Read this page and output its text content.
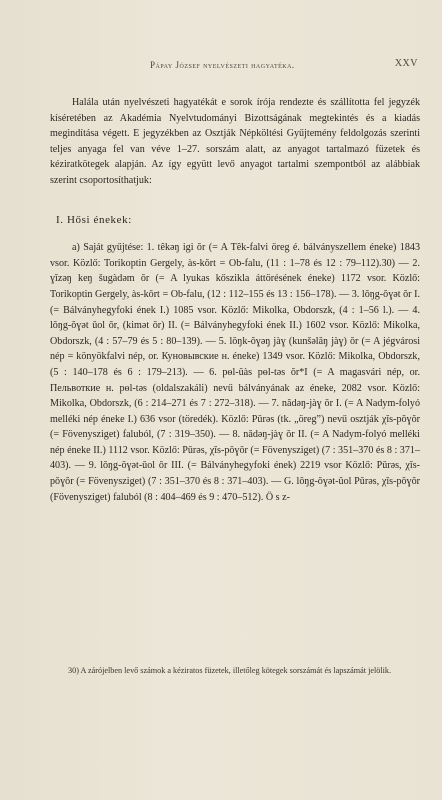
Pápay József nyelvészeti hagyatéka.	XXV

Halála után nyelvészeti hagyatékát e sorok írója rendezte és szállította fel jegyzék kíséretében az Akadémia Nyelvtudományi Bizottságának megtekintés és a kiadás megindítása végett. E jegyzékben az Osztják Népköltési Gyűjtemény feldolgozás szerinti teljes anyaga fel van véve 1–27. sorszám alatt, az anyagot tartalmazó füzetek és kéziratkötegek alapján. Az így együtt levő anyagot tartalmi szempontból az alábbiak szerint csoportosíthatjuk:

I. Hősi énekek:

a) Saját gyűjtése: 1. têkəŋ igi ŏr (= A Têk-falvi öreg é. bálványszellem éneke) 1843 vsor. Közlő: Torikoptin Gergely, às-kŏrt = Ob-falu, (11 : 1–78 és 12 : 79–112).30) — 2. ɣĭzəŋ keŋ šugàdəm ŏr (= A lyukas kőszikla áttörésének éneke) 1172 vsor. Közlő: Torikoptin Gergely, às-kŏrt = Ob-falu, (12 : 112–155 és 13 : 156–178). — 3. lŏŋg-ŏɣət ŏr I. (= Bálványhegyfoki ének I.) 1085 vsor. Közlő: Mikolka, Obdorszk, (4 : 1–56 l.). — 4. lŏŋg-ŏɣət ŭol ŏr, (kimət ŏr) II. (= Bálványhegyfoki ének II.) 1602 vsor. Közlő: Mikolka, Obdorszk, (4 : 57–79 és 5 : 80–139). — 5. lŏŋk-ŏɣəŋ jàɣ (kunšəlăŋ jàɣ) ŏr (= A jégvárosi nép = könyökfalvi nép, or. Куновывские н. éneke) 1349 vsor. Közlő: Mikolka, Obdorszk, (5 : 140–178 és 6 : 179–213). — 6. pɵl-ŭàs pɵl-təs ŏr*I (= A magasvári nép, or. Пельвоткие н. pɵl-təs (oldalszakáli) nevű bálványának az éneke, 2082 vsor. Közlő: Mikolka, Obdorszk, (6 : 214–271 és 7 : 272–318). — 7. nădəŋ-jàɣ ŏr I. (= A Nadym-folyó melléki nép éneke I.) 636 vsor (töredék). Közlő: Pŭrəs (tk. „öreg”) nevű osztják χĭs-pŏɣŏr (= Fövenysziget) faluból, (7 : 319–350). — 8. nădəŋ-jàɣ ŏr II. (= A Nadym-folyó melléki nép éneke II.) 1112 vsor. Közlő: Pŭrəs, χĭs-pŏɣŏr (= Fövenysziget) (7 : 351–370 és 8 : 371–403). — 9. lŏŋg-ŏɣət-ŭol ŏr III. (= Bálványhegyfoki ének) 2219 vsor Közlő: Pŭrəs, χĭs-pŏɣŏr (= Fövenysziget) (7 : 351–370 és 8 : 371–403). — G. lŏŋg-ŏɣət-ŭol Pŭrəs, χĭs-pŏɣŏr (Fövenysziget) faluból (8 : 404–469 és 9 : 470–512). Ö s z-

30) A zárójelben levő számok a kéziratos füzetek, illetőleg kötegek sorszámát és lapszámát jelölik.
